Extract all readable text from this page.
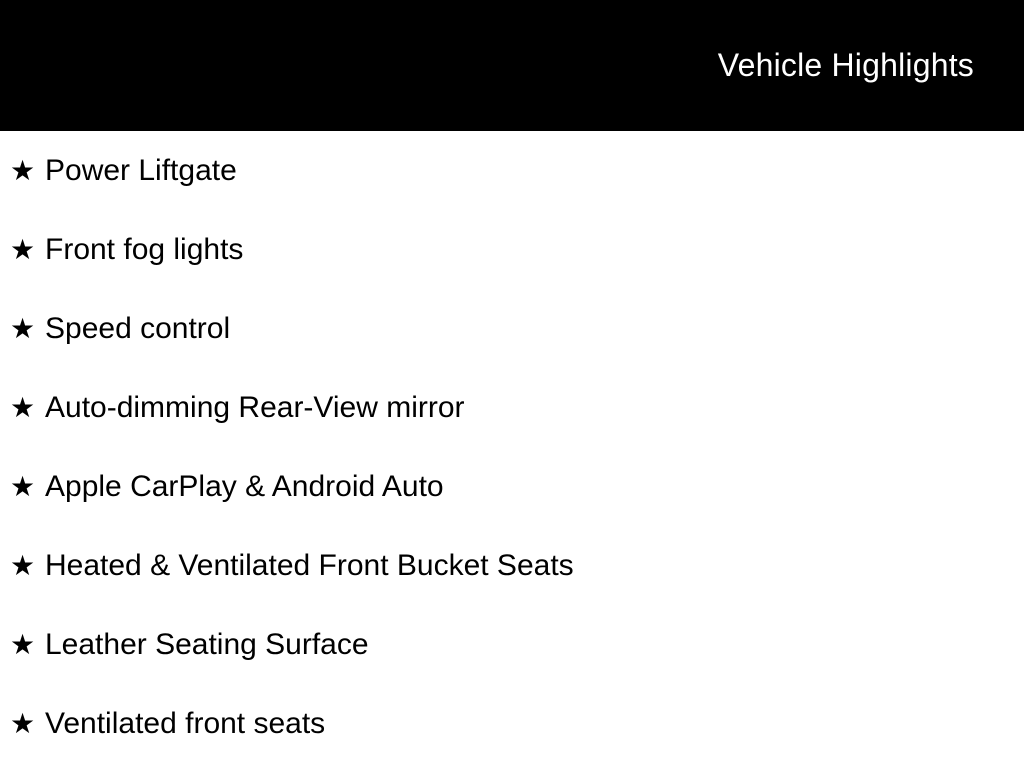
Vehicle Highlights
★ Power Liftgate
★ Front fog lights
★ Speed control
★ Auto-dimming Rear-View mirror
★ Apple CarPlay & Android Auto
★ Heated & Ventilated Front Bucket Seats
★ Leather Seating Surface
★ Ventilated front seats
